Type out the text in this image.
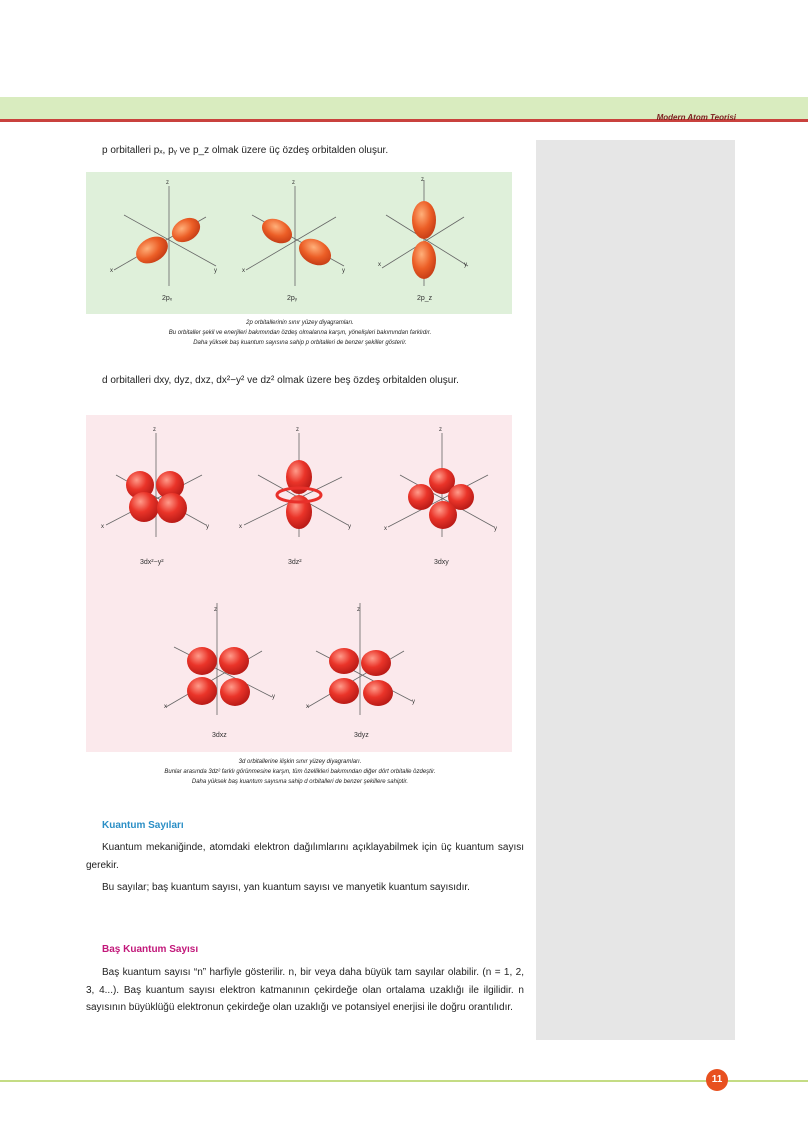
Modern Atom Teorisi
p orbitalleri pₓ, pᵧ ve p_z olmak üzere üç özdeş orbitalden oluşur.
z
x	y
2pₓ
z
x	y
2pᵧ
z
x	y
2p_z
2p orbitallerinin sınır yüzey diyagramları.
Bu orbitaller şekil ve enerjileri bakımından özdeş olmalarına karşın, yönelişleri bakımından farklıdır.
Daha yüksek baş kuantum sayısına sahip p orbitalleri de benzer şekiller gösterir.
d orbitalleri dxy, dyz, dxz, dx²−y² ve dz² olmak üzere beş özdeş orbitalden oluşur.
z
x	y
3dx²−y²
z
x	y
3dz²
z
x	y
3dxy
z
x
y
3dxz
z
x
y
3dyz
3d orbitallerine ilişkin sınır yüzey diyagramları.
Bunlar arasında 3dz² farklı görünmesine karşın, tüm özellikleri bakımından diğer dört orbitalle özdeştir.
Daha yüksek baş kuantum sayısına sahip d orbitalleri de benzer şekillere sahiptir.
Kuantum Sayıları
Kuantum mekaniğinde, atomdaki elektron dağılımlarını açıklayabilmek için üç kuantum sayısı gerekir.
Bu sayılar; baş kuantum sayısı, yan kuantum sayısı ve manyetik kuantum sayısıdır.
Baş Kuantum Sayısı
Baş kuantum sayısı “n” harfiyle gösterilir. n, bir veya daha büyük tam sayılar olabilir. (n = 1, 2, 3, 4...). Baş kuantum sayısı elektron katmanının çekirdeğe olan ortalama uzaklığı ile ilgilidir. n sayısının büyüklüğü elektronun çekirdeğe olan uzaklığı ve potansiyel enerjisi ile doğru orantılıdır.
11
